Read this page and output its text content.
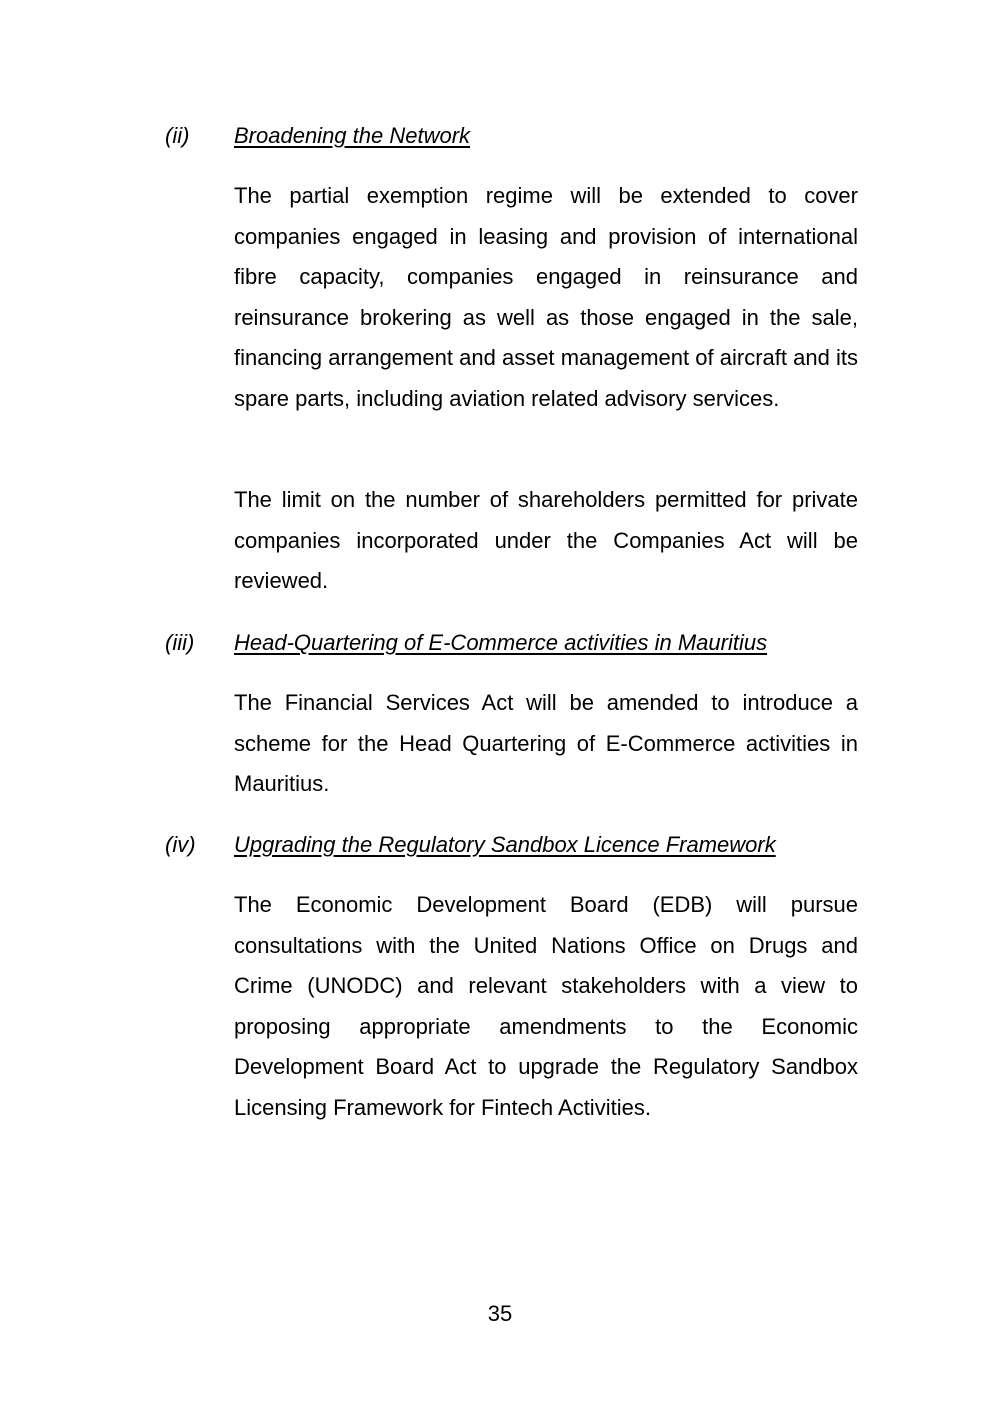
(ii) Broadening the Network

The partial exemption regime will be extended to cover companies engaged in leasing and provision of international fibre capacity, companies engaged in reinsurance and reinsurance brokering as well as those engaged in the sale, financing arrangement and asset management of aircraft and its spare parts, including aviation related advisory services.

The limit on the number of shareholders permitted for private companies incorporated under the Companies Act will be reviewed.

(iii) Head-Quartering of E-Commerce activities in Mauritius

The Financial Services Act will be amended to introduce a scheme for the Head Quartering of E-Commerce activities in Mauritius.

(iv) Upgrading the Regulatory Sandbox Licence Framework

The Economic Development Board (EDB) will pursue consultations with the United Nations Office on Drugs and Crime (UNODC) and relevant stakeholders with a view to proposing appropriate amendments to the Economic Development Board Act to upgrade the Regulatory Sandbox Licensing Framework for Fintech Activities.

35
